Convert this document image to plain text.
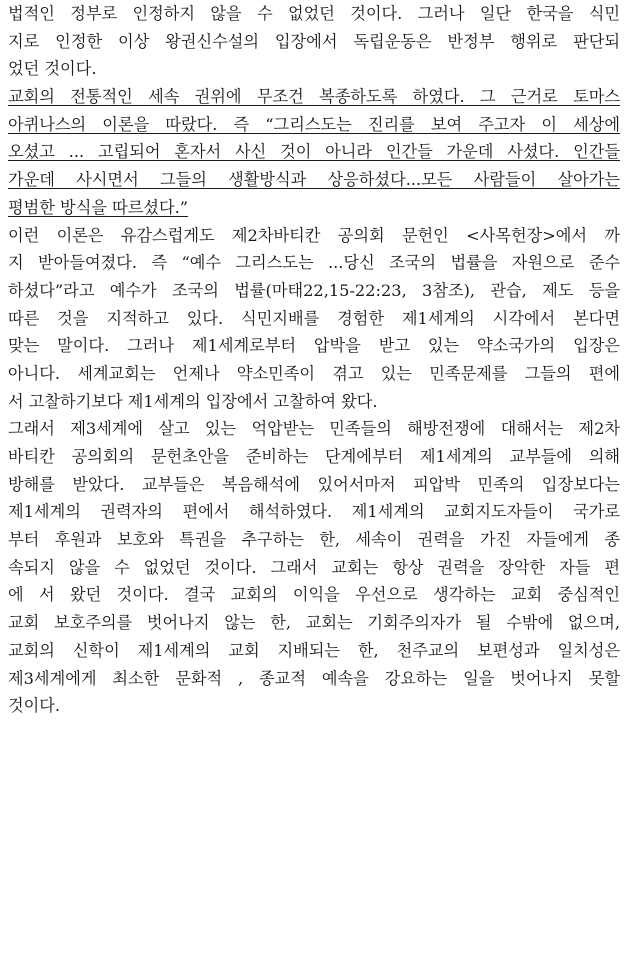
법적인 정부로 인정하지 않을 수 없었던 것이다. 그러나 일단 한국을 식민
지로 인정한 이상 왕권신수설의 입장에서 독립운동은 반정부 행위로 판단되
었던 것이다.
교회의 전통적인 세속 권위에 무조건 복종하도록 하였다. 그 근거로 토마스
아퀴나스의 이론을 따랐다. 즉 “그리스도는 진리를 보여 주고자 이 세상에
오셨고 ... 고립되어 혼자서 사신 것이 아니라 인간들 가운데 사셨다. 인간들
가운데 사시면서 그들의 생활방식과 상응하셨다...모든 사람들이 살아가는
평범한 방식을 따르셨다.”
이런 이론은 유감스럽게도 제2차바티칸 공의회 문헌인 <사목헌장>에서 까
지 받아들여졌다. 즉 “예수 그리스도는 ...당신 조국의 법률을 자원으로 준수
하셨다”라고 예수가 조국의 법률(마태22,15-22:23, 3참조), 관습, 제도 등을
따른 것을 지적하고 있다. 식민지배를 경험한 제1세계의 시각에서 본다면
맞는 말이다. 그러나 제1세계로부터 압박을 받고 있는 약소국가의 입장은
아니다. 세계교회는 언제나 약소민족이 겪고 있는 민족문제를 그들의 편에
서 고찰하기보다 제1세계의 입장에서 고찰하여 왔다.
그래서 제3세계에 살고 있는 억압받는 민족들의 해방전쟁에 대해서는 제2차
바티칸 공의회의 문헌초안을 준비하는 단계에부터 제1세계의 교부들에 의해
방해를 받았다. 교부들은 복음해석에 있어서마저 피압박 민족의 입장보다는
제1세계의 권력자의 편에서 해석하였다. 제1세계의 교회지도자들이 국가로
부터 후원과 보호와 특권을 추구하는 한, 세속이 권력을 가진 자들에게 종
속되지 않을 수 없었던 것이다. 그래서 교회는 항상 권력을 장악한 자들 편
에 서 왔던 것이다. 결국 교회의 이익을 우선으로 생각하는 교회 중심적인
교회 보호주의를 벗어나지 않는 한, 교회는 기회주의자가 될 수밖에 없으며,
교회의 신학이 제1세계의 교회 지배되는 한, 천주교의 보편성과 일치성은
제3세계에게 최소한 문화적 , 종교적 예속을 강요하는 일을 벗어나지 못할
것이다.
